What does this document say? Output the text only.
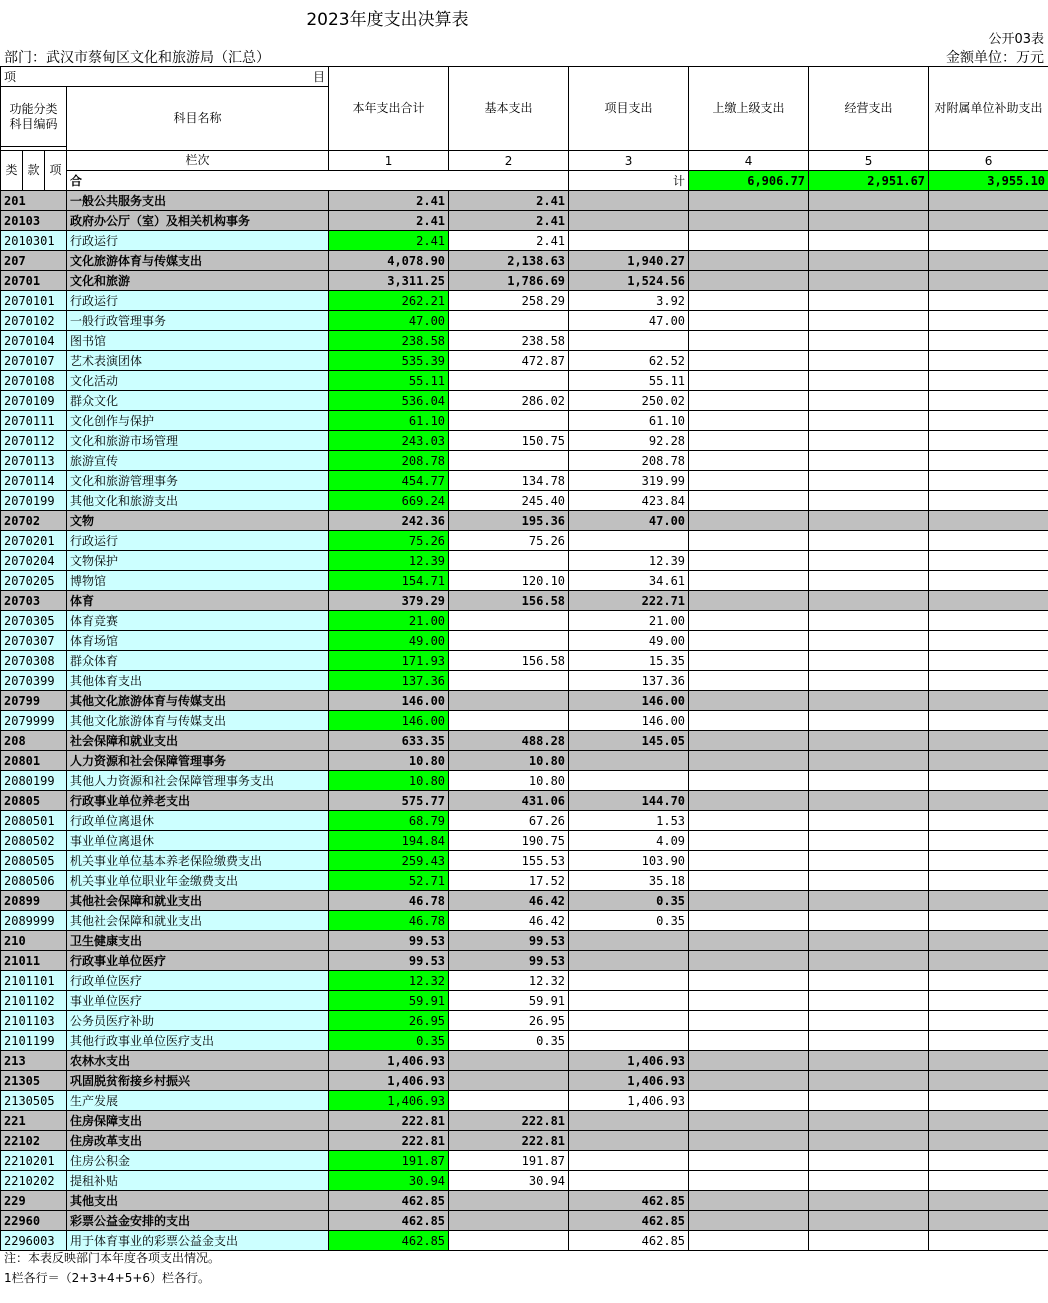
2023年度支出决算表
公开03表
部门：武汉市蔡甸区文化和旅游局（汇总）	金额单位：万元
项 目				本年支出合计	基本支出	项目支出	上缴上级支出	经营支出	对附属单位补助支出	
功能分类科目编码			科目名称							

类	款	项	栏次	1	2	3	4	5	6	
			合			计	6,906.77	2,951.67	3,955.10			
201			一般公共服务支出	2.41	2.41					
20103			政府办公厅（室）及相关机构事务	2.41	2.41					
2010301			行政运行	2.41	2.41					
207			文化旅游体育与传媒支出	4,078.90	2,138.63	1,940.27				
20701			文化和旅游	3,311.25	1,786.69	1,524.56				
2070101			行政运行	262.21	258.29	3.92				
2070102			一般行政管理事务	47.00		47.00				
2070104			图书馆	238.58	238.58					
2070107			艺术表演团体	535.39	472.87	62.52				
2070108			文化活动	55.11		55.11				
2070109			群众文化	536.04	286.02	250.02				
2070111			文化创作与保护	61.10		61.10				
2070112			文化和旅游市场管理	243.03	150.75	92.28				
2070113			旅游宣传	208.78		208.78				
2070114			文化和旅游管理事务	454.77	134.78	319.99				
2070199			其他文化和旅游支出	669.24	245.40	423.84				
20702			文物	242.36	195.36	47.00				
2070201			行政运行	75.26	75.26					
2070204			文物保护	12.39		12.39				
2070205			博物馆	154.71	120.10	34.61				
20703			体育	379.29	156.58	222.71				
2070305			体育竞赛	21.00		21.00				
2070307			体育场馆	49.00		49.00				
2070308			群众体育	171.93	156.58	15.35				
2070399			其他体育支出	137.36		137.36				
20799			其他文化旅游体育与传媒支出	146.00		146.00				
2079999			其他文化旅游体育与传媒支出	146.00		146.00				
208			社会保障和就业支出	633.35	488.28	145.05				
20801			人力资源和社会保障管理事务	10.80	10.80					
2080199			其他人力资源和社会保障管理事务支出	10.80	10.80					
20805			行政事业单位养老支出	575.77	431.06	144.70				
2080501			行政单位离退休	68.79	67.26	1.53				
2080502			事业单位离退休	194.84	190.75	4.09				
2080505			机关事业单位基本养老保险缴费支出	259.43	155.53	103.90				
2080506			机关事业单位职业年金缴费支出	52.71	17.52	35.18				
20899			其他社会保障和就业支出	46.78	46.42	0.35				
2089999			其他社会保障和就业支出	46.78	46.42	0.35				
210			卫生健康支出	99.53	99.53					
21011			行政事业单位医疗	99.53	99.53					
2101101			行政单位医疗	12.32	12.32					
2101102			事业单位医疗	59.91	59.91					
2101103			公务员医疗补助	26.95	26.95					
2101199			其他行政事业单位医疗支出	0.35	0.35					
213			农林水支出	1,406.93		1,406.93				
21305			巩固脱贫衔接乡村振兴	1,406.93		1,406.93				
2130505			生产发展	1,406.93		1,406.93				
221			住房保障支出	222.81	222.81					
22102			住房改革支出	222.81	222.81					
2210201			住房公积金	191.87	191.87					
2210202			提租补贴	30.94	30.94					
229			其他支出	462.85		462.85				
22960			彩票公益金安排的支出	462.85		462.85				
2296003			用于体育事业的彩票公益金支出	462.85		462.85				
注：本表反映部门本年度各项支出情况。
1栏各行＝（2+3+4+5+6）栏各行。
